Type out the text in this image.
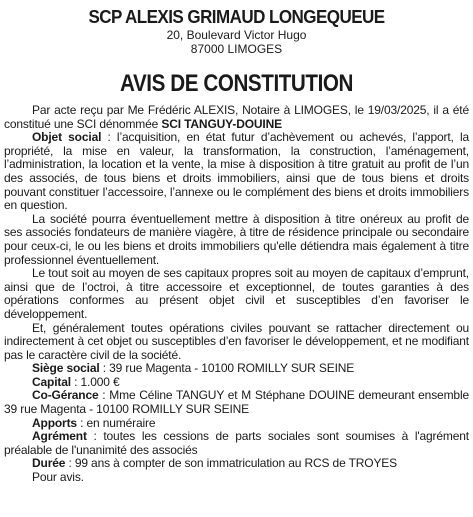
SCP ALEXIS GRIMAUD LONGEQUEUE
20, Boulevard Victor Hugo
87000 LIMOGES
AVIS DE CONSTITUTION

Par acte reçu par Me Frédéric ALEXIS, Notaire à LIMOGES, le 19/03/2025, il a été constitué une SCI dénommée SCI TANGUY-DOUINE

Objet social : l’acquisition, en état futur d’achèvement ou achevés, l’apport, la propriété, la mise en valeur, la transformation, la construction, l’aménagement, l’administration, la location et la vente, la mise à disposition à titre gratuit au profit de l’un des associés, de tous biens et droits immobiliers, ainsi que de tous biens et droits pouvant constituer l’accessoire, l’annexe ou le complément des biens et droits immobiliers en question.

La société pourra éventuellement mettre à disposition à titre onéreux au profit de ses associés fondateurs de manière viagère, à titre de résidence principale ou secondaire pour ceux-ci, le ou les biens et droits immobiliers qu'elle détiendra mais également à titre professionnel éventuellement.

Le tout soit au moyen de ses capitaux propres soit au moyen de capitaux d’emprunt, ainsi que de l’octroi, à titre accessoire et exceptionnel, de toutes garanties à des opérations conformes au présent objet civil et susceptibles d’en favoriser le développement.

Et, généralement toutes opérations civiles pouvant se rattacher directement ou indirectement à cet objet ou susceptibles d’en favoriser le développement, et ne modifiant pas le caractère civil de la société.

Siège social : 39 rue Magenta - 10100 ROMILLY SUR SEINE

Capital : 1.000 €

Co-Gérance : Mme Céline TANGUY et M Stéphane DOUINE demeurant ensemble 39 rue Magenta - 10100 ROMILLY SUR SEINE

Apports : en numéraire

Agrément : toutes les cessions de parts sociales sont soumises à l'agrément préalable de l'unanimité des associés

Durée : 99 ans à compter de son immatriculation au RCS de TROYES

Pour avis.
